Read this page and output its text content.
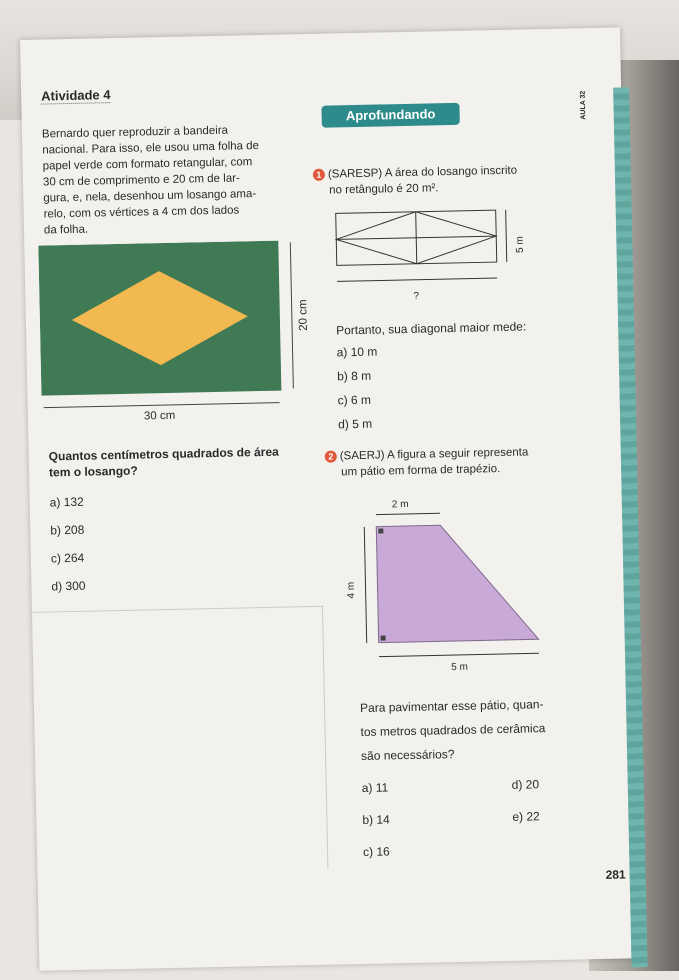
Atividade 4
Bernardo quer reproduzir a bandeira
nacional. Para isso, ele usou uma folha de
papel verde com formato retangular, com
30 cm de comprimento e 20 cm de lar-
gura, e, nela, desenhou um losango ama-
relo, com os vértices a 4 cm dos lados
da folha.
20 cm
30 cm
Quantos centímetros quadrados de área
tem o losango?
a) 132
b) 208
c) 264
d) 300
Aprofundando	AULA 32
1 (SARESP) A área do losango inscrito
no retângulo é 20 m².
5 m
?
Portanto, sua diagonal maior mede:
a) 10 m
b) 8 m
c) 6 m
d) 5 m
2 (SAERJ) A figura a seguir representa
um pátio em forma de trapézio.
2 m
4 m
5 m
Para pavimentar esse pátio, quan-
tos metros quadrados de cerâmica
são necessários?
a) 11	d) 20
b) 14	e) 22
c) 16
281
